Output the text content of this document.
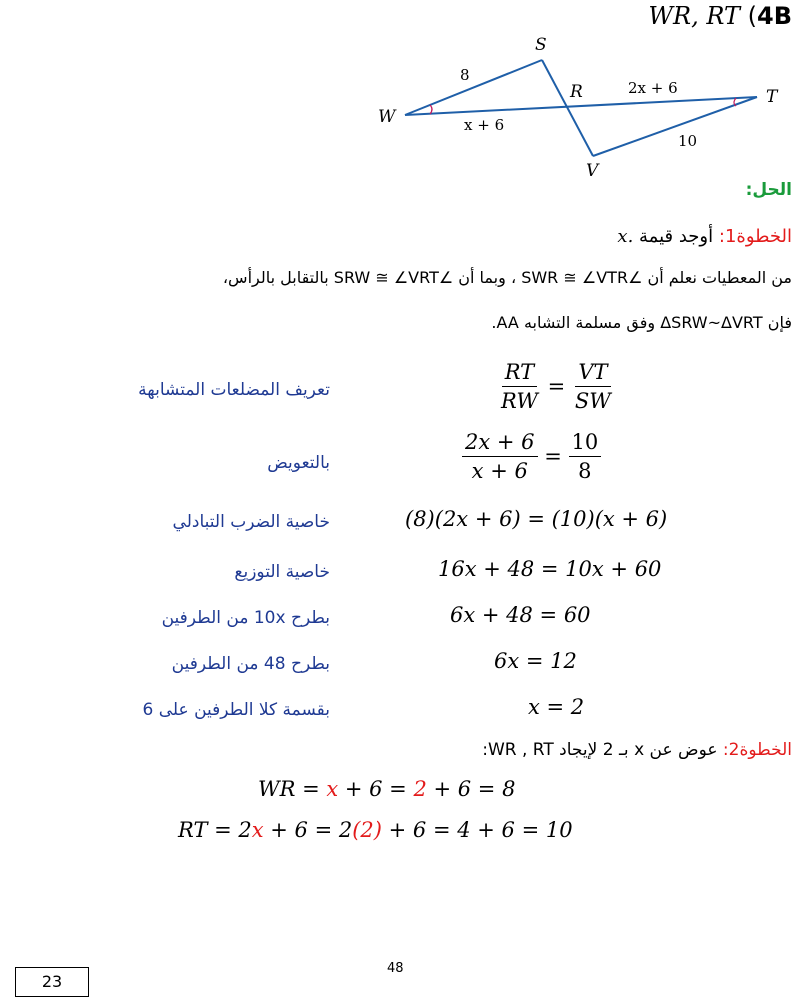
WR, RT (4B
S
R	T
W
V
8
2x + 6
x + 6
10
الحل:
الخطوة1: أوجد قيمة x.
من المعطيات نعلم أن ∠SWR ≅ ∠VTR ، وبما أن ∠SRW ≅ ∠VRT بالتقابل بالرأس،
فإن ΔSRW~ΔVRT وفق مسلمة التشابه AA.
تعريف المضلعات المتشابهة	$\frac{RT}{RW} = \frac{VT}{SW}$
بالتعويض	$\frac{2x + 6}{x + 6} = \frac{10}{8}$
خاصية الضرب التبادلي	(8)(2x + 6) = (10)(x + 6)
خاصية التوزيع	16x + 48 = 10x + 60
بطرح 10x من الطرفين	6x + 48 = 60
بطرح 48 من الطرفين	6x = 12
بقسمة كلا الطرفين على 6	x = 2
الخطوة2: عوض عن x بـ 2 لإيجاد WR , RT:
WR = x + 6 = 2 + 6 = 8
RT = 2x + 6 = 2(2) + 6 = 4 + 6 = 10
48
23
